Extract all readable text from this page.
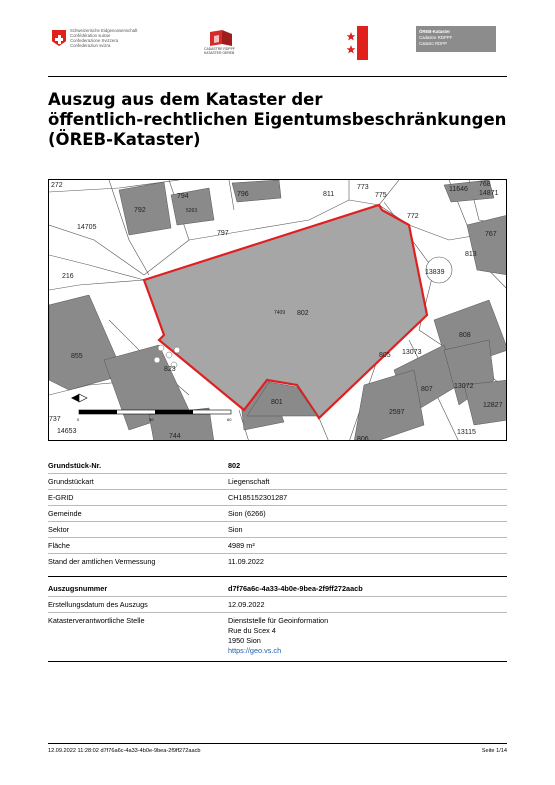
Schweizerische Eidgenossenschaft
Confédération suisse
Confederazione Svizzera
Confederaziun svizra
CADASTRE RDPPF
KATASTER OEREB
ÖREB-Kataster
Cadastre RDPPF
Catasto RDPP
Auszug aus dem Kataster der
öffentlich-rechtlichen Eigentumsbeschränkungen
(ÖREB-Kataster)
272
794	796	811
773
775
11646
768
14871
792	5263
797
772
767
14705
813
216
13839
7409 802
808
855	805 13073
823
807	13072
801	12827
2597
737
744
14653
806
13115
0	30	60
Grundstück-Nr.	802
Grundstückart	Liegenschaft
E-GRID	CH185152301287
Gemeinde	Sion (6266)
Sektor	Sion
Fläche	4989 m²
Stand der amtlichen Vermessung	11.09.2022
Auszugsnummer	d7f76a6c-4a33-4b0e-9bea-2f9ff272aacb
Erstellungsdatum des Auszugs	12.09.2022
Katasterverantwortliche Stelle	Dienststelle für Geoinformation
Rue du Scex 4
1950 Sion
https://geo.vs.ch
12.09.2022 11:28:02 d7f76a6c-4a33-4b0e-9bea-2f9ff272aacb	Seite 1/14
